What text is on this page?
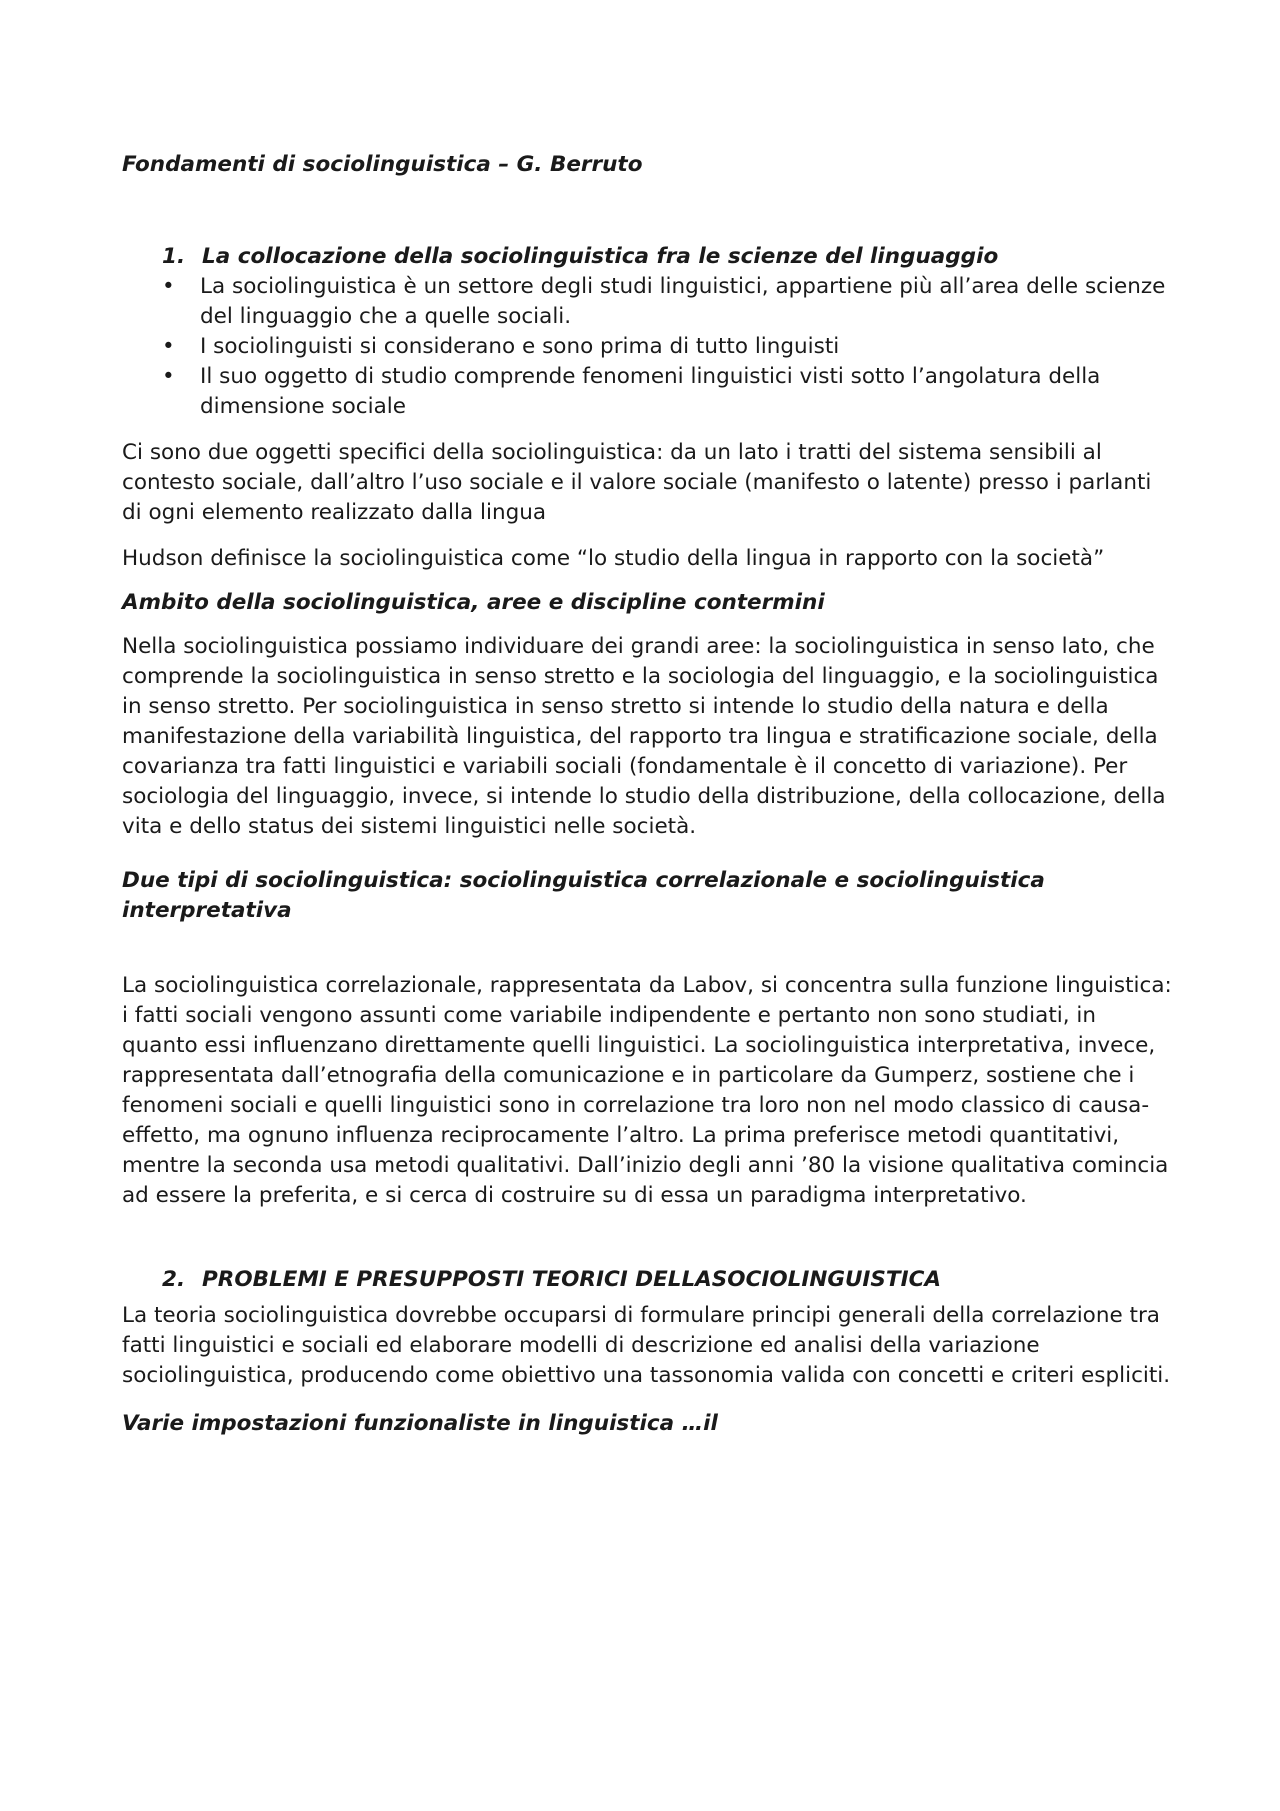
Fondamenti di sociolinguistica – G. Berruto

1. La collocazione della sociolinguistica fra le scienze del linguaggio
• La sociolinguistica è un settore degli studi linguistici, appartiene più all’area delle scienze del linguaggio che a quelle sociali.
• I sociolinguisti si considerano e sono prima di tutto linguisti
• Il suo oggetto di studio comprende fenomeni linguistici visti sotto l’angolatura della dimensione sociale

Ci sono due oggetti specifici della sociolinguistica: da un lato i tratti del sistema sensibili al contesto sociale, dall’altro l’uso sociale e il valore sociale (manifesto o latente) presso i parlanti di ogni elemento realizzato dalla lingua

Hudson definisce la sociolinguistica come “lo studio della lingua in rapporto con la società”

Ambito della sociolinguistica, aree e discipline contermini

Nella sociolinguistica possiamo individuare dei grandi aree: la sociolinguistica in senso lato, che comprende la sociolinguistica in senso stretto e la sociologia del linguaggio, e la sociolinguistica in senso stretto. Per sociolinguistica in senso stretto si intende lo studio della natura e della manifestazione della variabilità linguistica, del rapporto tra lingua e stratificazione sociale, della covarianza tra fatti linguistici e variabili sociali (fondamentale è il concetto di variazione). Per sociologia del linguaggio, invece, si intende lo studio della distribuzione, della collocazione, della vita e dello status dei sistemi linguistici nelle società.

Due tipi di sociolinguistica: sociolinguistica correlazionale e sociolinguistica interpretativa

La sociolinguistica correlazionale, rappresentata da Labov, si concentra sulla funzione linguistica: i fatti sociali vengono assunti come variabile indipendente e pertanto non sono studiati, in quanto essi influenzano direttamente quelli linguistici. La sociolinguistica interpretativa, invece, rappresentata dall’etnografia della comunicazione e in particolare da Gumperz, sostiene che i fenomeni sociali e quelli linguistici sono in correlazione tra loro non nel modo classico di causa-effetto, ma ognuno influenza reciprocamente l’altro. La prima preferisce metodi quantitativi, mentre la seconda usa metodi qualitativi. Dall’inizio degli anni ’80 la visione qualitativa comincia ad essere la preferita, e si cerca di costruire su di essa un paradigma interpretativo.

2. PROBLEMI E PRESUPPOSTI TEORICI DELLASOCIOLINGUISTICA

La teoria sociolinguistica dovrebbe occuparsi di formulare principi generali della correlazione tra fatti linguistici e sociali ed elaborare modelli di descrizione ed analisi della variazione sociolinguistica, producendo come obiettivo una tassonomia valida con concetti e criteri espliciti.

Varie impostazioni funzionaliste in linguistica …il
